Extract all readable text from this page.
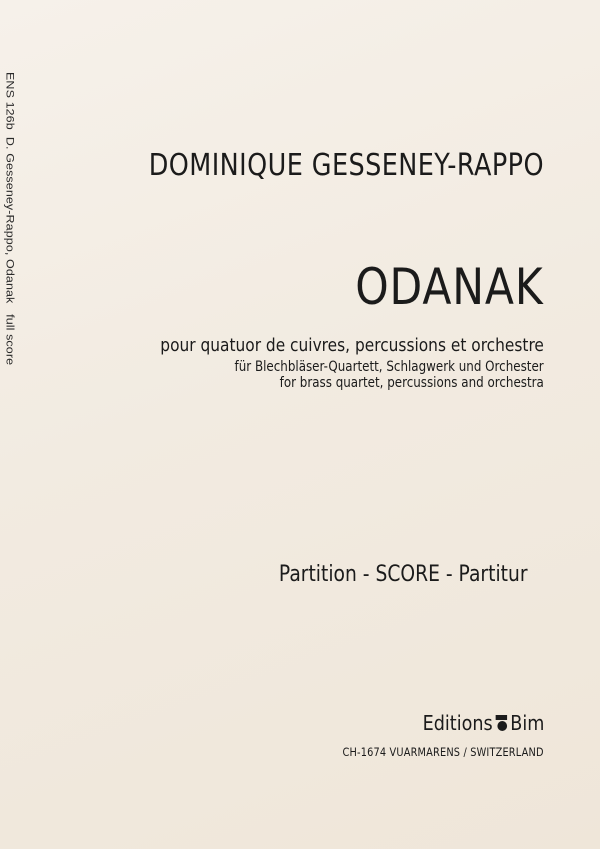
ENS 126b  D. Gesseney-Rappo, Odanak   full score	DOMINIQUE GESSENEY-RAPPO
ODANAK
pour quatuor de cuivres, percussions et orchestre
für Blechbläser-Quartett, Schlagwerk und Orchester
for brass quartet, percussions and orchestra
Partition - SCORE - Partitur
Editions Bim
CH-1674 VUARMARENS / SWITZERLAND
